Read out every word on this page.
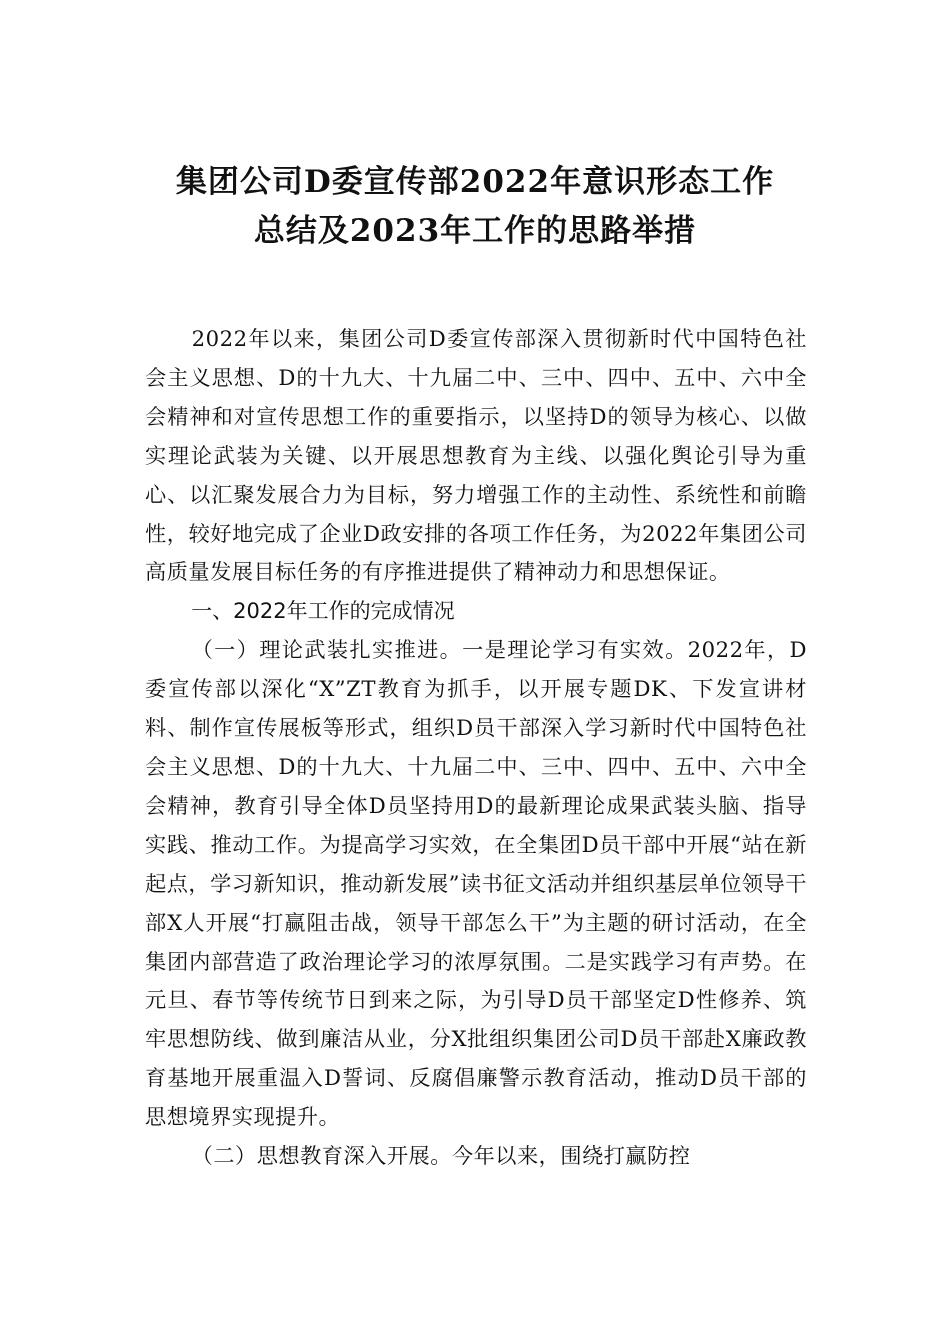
集团公司D委宣传部2022年意识形态工作
总结及2023年工作的思路举措

2022年以来，集团公司D委宣传部深入贯彻新时代中国特色社会主义思想、D的十九大、十九届二中、三中、四中、五中、六中全会精神和对宣传思想工作的重要指示，以坚持D的领导为核心、以做实理论武装为关键、以开展思想教育为主线、以强化舆论引导为重心、以汇聚发展合力为目标，努力增强工作的主动性、系统性和前瞻性，较好地完成了企业D政安排的各项工作任务，为2022年集团公司高质量发展目标任务的有序推进提供了精神动力和思想保证。

一、2022年工作的完成情况

（一）理论武装扎实推进。一是理论学习有实效。2022年，D委宣传部以深化“X”ZT教育为抓手，以开展专题DK、下发宣讲材料、制作宣传展板等形式，组织D员干部深入学习新时代中国特色社会主义思想、D的十九大、十九届二中、三中、四中、五中、六中全会精神，教育引导全体D员坚持用D的最新理论成果武装头脑、指导实践、推动工作。为提高学习实效，在全集团D员干部中开展“站在新起点，学习新知识，推动新发展”读书征文活动并组织基层单位领导干部X人开展“打赢阻击战，领导干部怎么干”为主题的研讨活动，在全集团内部营造了政治理论学习的浓厚氛围。二是实践学习有声势。在元旦、春节等传统节日到来之际，为引导D员干部坚定D性修养、筑牢思想防线、做到廉洁从业，分X批组织集团公司D员干部赴X廉政教育基地开展重温入D誓词、反腐倡廉警示教育活动，推动D员干部的思想境界实现提升。

（二）思想教育深入开展。今年以来，围绕打赢防控
